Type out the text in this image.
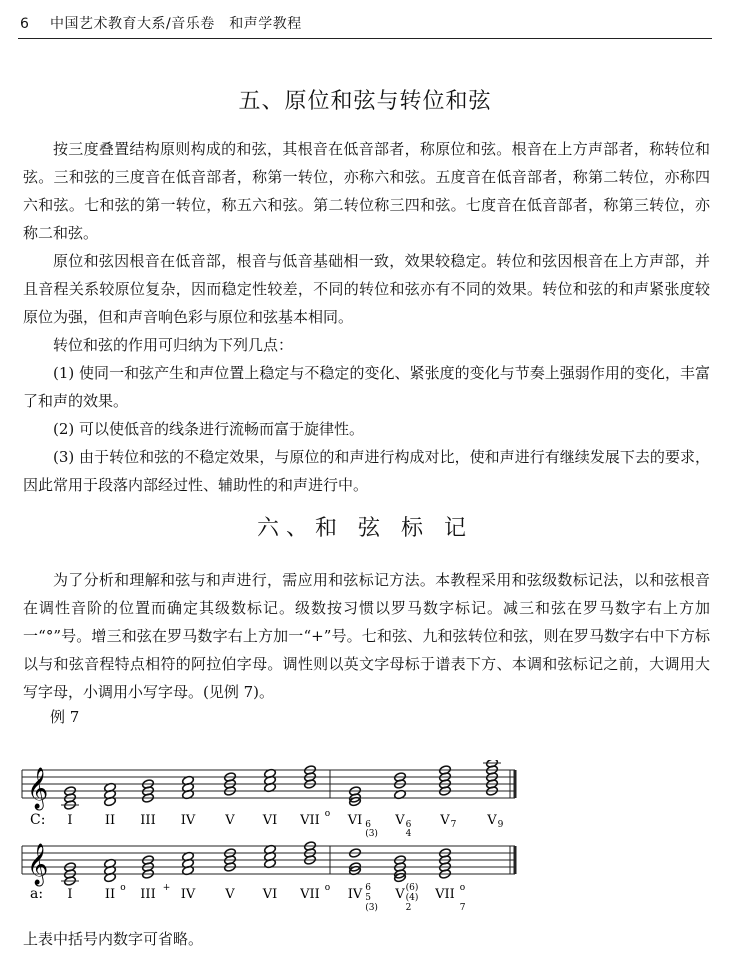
6 中国艺术教育大系/音乐卷　和声学教程
五、原位和弦与转位和弦

按三度叠置结构原则构成的和弦，其根音在低音部者，称原位和弦。根音在上方声部者，称转位和弦。三和弦的三度音在低音部者，称第一转位，亦称六和弦。五度音在低音部者，称第二转位，亦称四六和弦。七和弦的第一转位，称五六和弦。第二转位称三四和弦。七度音在低音部者，称第三转位，亦称二和弦。

原位和弦因根音在低音部，根音与低音基础相一致，效果较稳定。转位和弦因根音在上方声部，并且音程关系较原位复杂，因而稳定性较差，不同的转位和弦亦有不同的效果。转位和弦的和声紧张度较原位为强，但和声音响色彩与原位和弦基本相同。

转位和弦的作用可归纳为下列几点：

(1) 使同一和弦产生和声位置上稳定与不稳定的变化、紧张度的变化与节奏上强弱作用的变化，丰富了和声的效果。

(2) 可以使低音的线条进行流畅而富于旋律性。

(3) 由于转位和弦的不稳定效果，与原位的和声进行构成对比，使和声进行有继续发展下去的要求，因此常用于段落内部经过性、辅助性的和声进行中。

六、和 弦 标 记

为了分析和理解和弦与和声进行，需应用和弦标记方法。本教程采用和弦级数标记法，以和弦根音在调性音阶的位置而确定其级数标记。级数按习惯以罗马数字标记。减三和弦在罗马数字右上方加一“°”号。增三和弦在罗马数字右上方加一“+”号。七和弦、九和弦转位和弦，则在罗马数字右中下方标以与和弦音程特点相符的阿拉伯字母。调性则以英文字母标于谱表下方、本调和弦标记之前，大调用大写字母，小调用小写字母。(见例 7)。

例 7
𝄞
C: I II III IV V VI VII o VI 6
(3)
V 6
4
V 7 V 9
𝄞
a: I II o III + IV V VI VII o IV 6
5
(3)
V (6)
(4)
2
VII o
7
上表中括号内数字可省略。
